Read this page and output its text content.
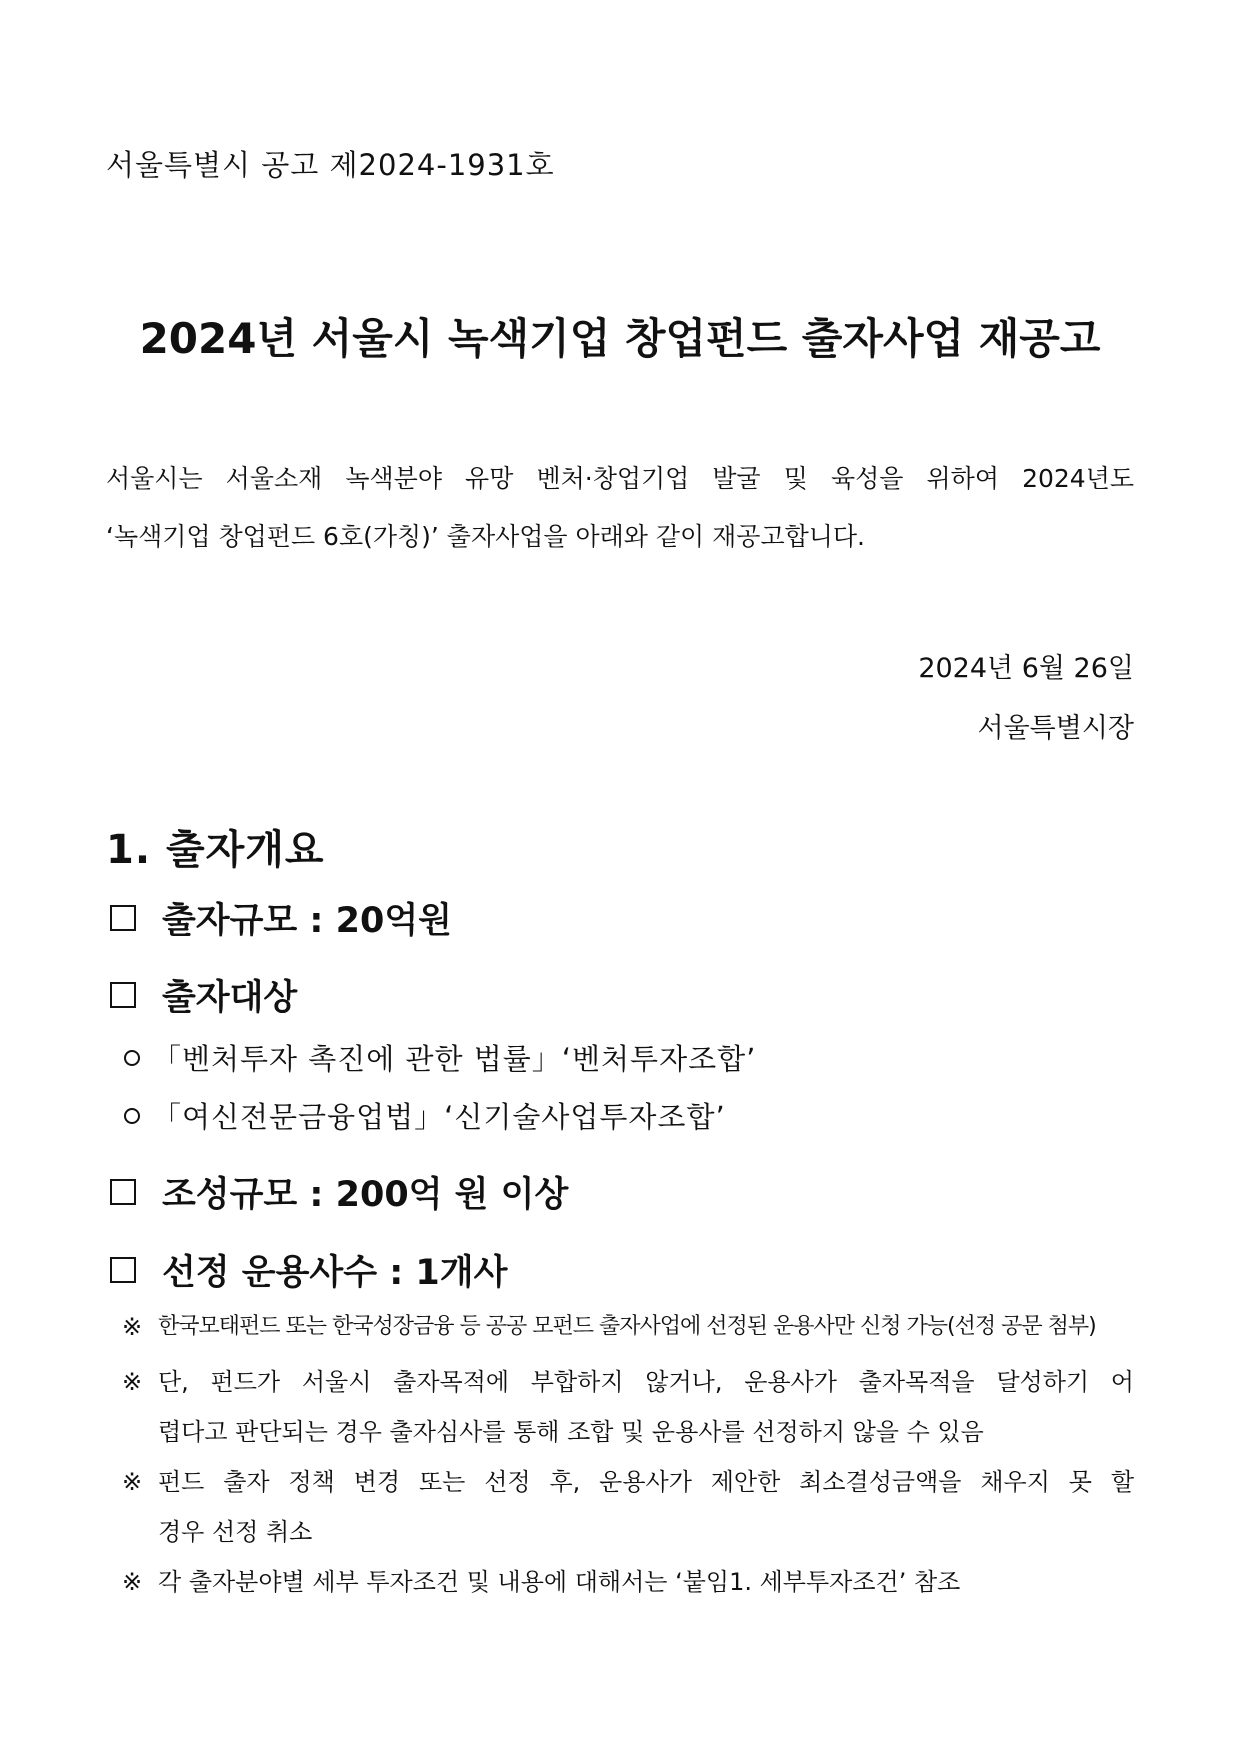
서울특별시 공고 제2024-1931호
2024년 서울시 녹색기업 창업펀드 출자사업 재공고
서울시는 서울소재 녹색분야 유망 벤처·창업기업 발굴 및 육성을 위하여 2024년도
‘녹색기업 창업펀드 6호(가칭)’ 출자사업을 아래와 같이 재공고합니다.
2024년 6월 26일
서울특별시장
1. 출자개요
출자규모 : 20억원
출자대상
「벤처투자 촉진에 관한 법률」‘벤처투자조합’
「여신전문금융업법」‘신기술사업투자조합’
조성규모 : 200억 원 이상
선정 운용사수 : 1개사
※ 한국모태펀드 또는 한국성장금융 등 공공 모펀드 출자사업에 선정된 운용사만 신청 가능(선정 공문 첨부)
※ 단, 펀드가 서울시 출자목적에 부합하지 않거나, 운용사가 출자목적을 달성하기 어
렵다고 판단되는 경우 출자심사를 통해 조합 및 운용사를 선정하지 않을 수 있음
※ 펀드 출자 정책 변경 또는 선정 후, 운용사가 제안한 최소결성금액을 채우지 못 할
경우 선정 취소
※ 각 출자분야별 세부 투자조건 및 내용에 대해서는 ‘붙임1. 세부투자조건’ 참조
